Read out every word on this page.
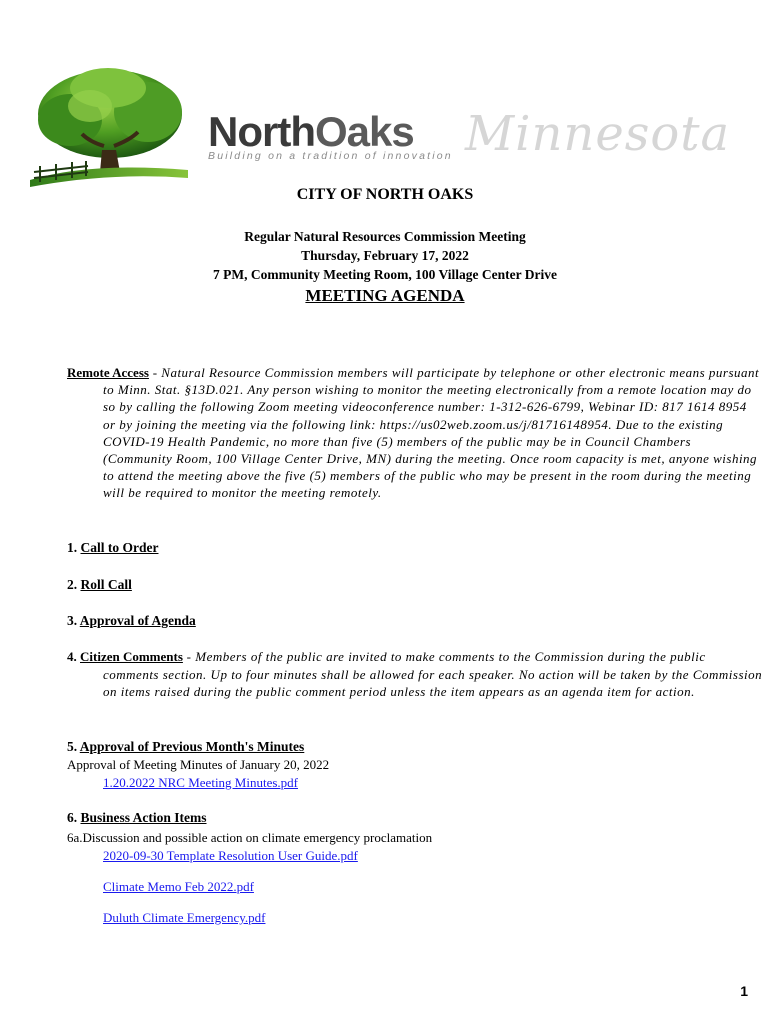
NorthOaks Minnesota
Building on a tradition of innovation
CITY OF NORTH OAKS
Regular Natural Resources Commission Meeting
Thursday, February 17, 2022
7 PM, Community Meeting Room, 100 Village Center Drive
MEETING AGENDA
Remote Access - Natural Resource Commission members will participate by telephone or other electronic means pursuant to Minn. Stat. §13D.021. Any person wishing to monitor the meeting electronically from a remote location may do so by calling the following Zoom meeting videoconference number: 1-312-626-6799, Webinar ID: 817 1614 8954 or by joining the meeting via the following link: https://us02web.zoom.us/j/81716148954. Due to the existing COVID-19 Health Pandemic, no more than five (5) members of the public may be in Council Chambers (Community Room, 100 Village Center Drive, MN) during the meeting. Once room capacity is met, anyone wishing to attend the meeting above the five (5) members of the public who may be present in the room during the meeting will be required to monitor the meeting remotely.
1. Call to Order
2. Roll Call
3. Approval of Agenda
4. Citizen Comments - Members of the public are invited to make comments to the Commission during the public comments section. Up to four minutes shall be allowed for each speaker. No action will be taken by the Commission on items raised during the public comment period unless the item appears as an agenda item for action.
5. Approval of Previous Month's Minutes
Approval of Meeting Minutes of January 20, 2022
1.20.2022 NRC Meeting Minutes.pdf
6. Business Action Items
6a.Discussion and possible action on climate emergency proclamation
2020-09-30 Template Resolution User Guide.pdf
Climate Memo Feb 2022.pdf
Duluth Climate Emergency.pdf
1
